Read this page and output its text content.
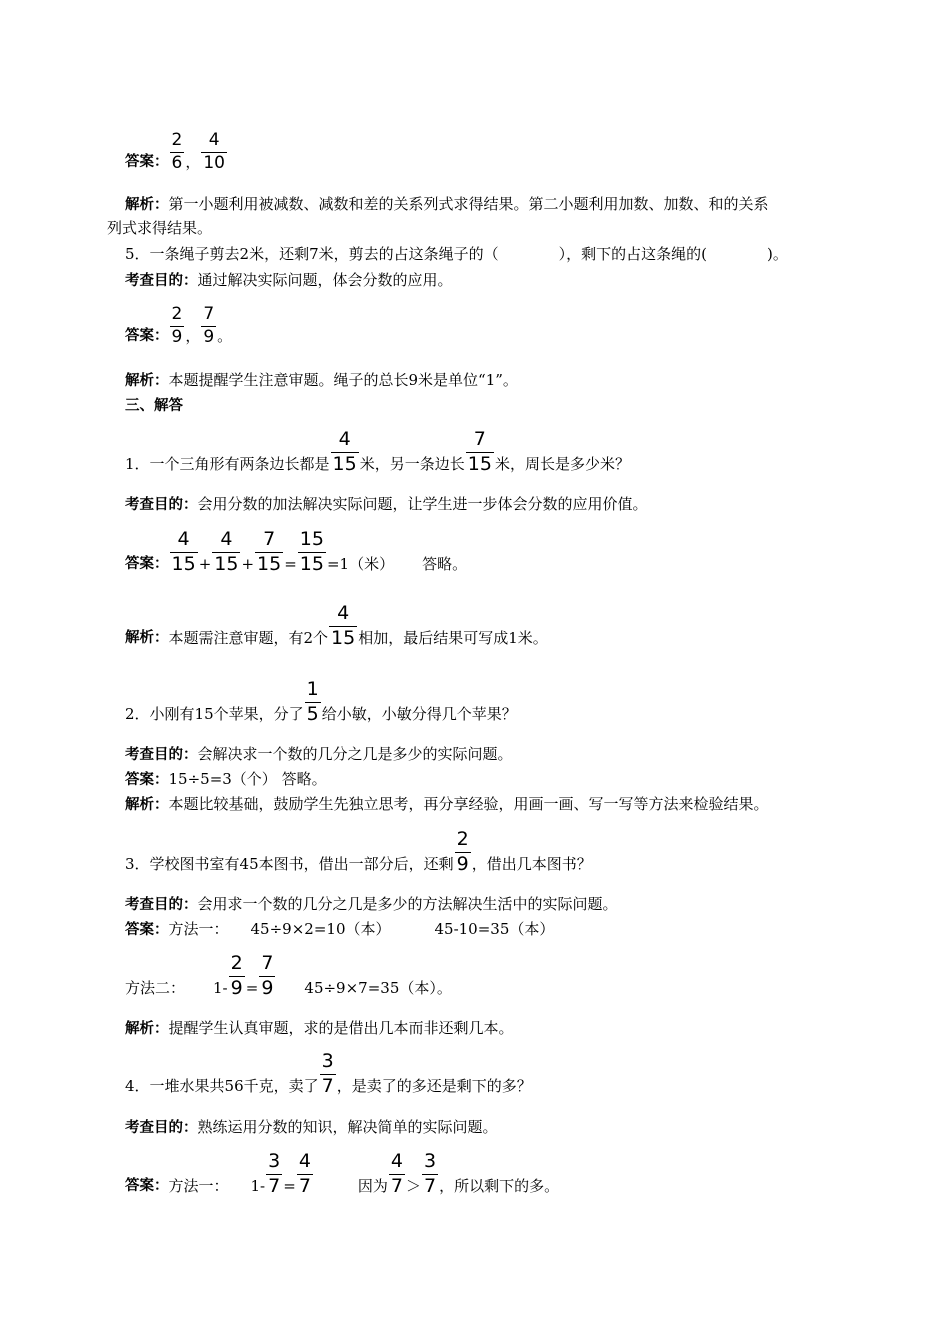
答案： $\frac{2}{6}$ ， $\frac{4}{10}$
解析：第一小题利用被减数、减数和差的关系列式求得结果。第二小题利用加数、加数、和的关系
列式求得结果。
5．一条绳子剪去2米，还剩7米，剪去的占这条绳子的（	），剩下的占这条绳的(	)。
考查目的：通过解决实际问题，体会分数的应用。
答案： $\frac{2}{9}$ ， $\frac{7}{9}$ 。
解析：本题提醒学生注意审题。绳子的总长9米是单位“1”。
三、解答
1．一个三角形有两条边长都是 $\frac{4}{15}$ 米，另一条边长 $\frac{7}{15}$ 米，周长是多少米？
考查目的：会用分数的加法解决实际问题，让学生进一步体会分数的应用价值。
答案： $\frac{4}{15} + \frac{4}{15} + \frac{7}{15} = \frac{15}{15} =1$（米） 答略。
解析：本题需注意审题，有2个 $\frac{4}{15}$ 相加，最后结果可写成1米。
2．小刚有15个苹果，分了 $\frac{1}{5}$ 给小敏，小敏分得几个苹果？
考查目的：会解决求一个数的几分之几是多少的实际问题。
答案：15÷5=3（个） 答略。
解析：本题比较基础，鼓励学生先独立思考，再分享经验，用画一画、写一写等方法来检验结果。
3．学校图书室有45本图书，借出一部分后，还剩 $\frac{2}{9}$ ，借出几本图书？
考查目的：会用求一个数的几分之几是多少的方法解决生活中的实际问题。
答案：方法一： 45÷9×2=10（本）	45-10=35（本）
方法二： $1- \frac{2}{9} = \frac{7}{9} 45\div 9\times 7=35$（本）。
解析：提醒学生认真审题，求的是借出几本而非还剩几本。
4．一堆水果共56千克，卖了 $\frac{3}{7}$ ，是卖了的多还是剩下的多？
考查目的：熟练运用分数的知识，解决简单的实际问题。
答案：方法一： $1- \frac{3}{7} = \frac{4}{7}$	因为 $\frac{4}{7} > \frac{3}{7}$ ，所以剩下的多。
